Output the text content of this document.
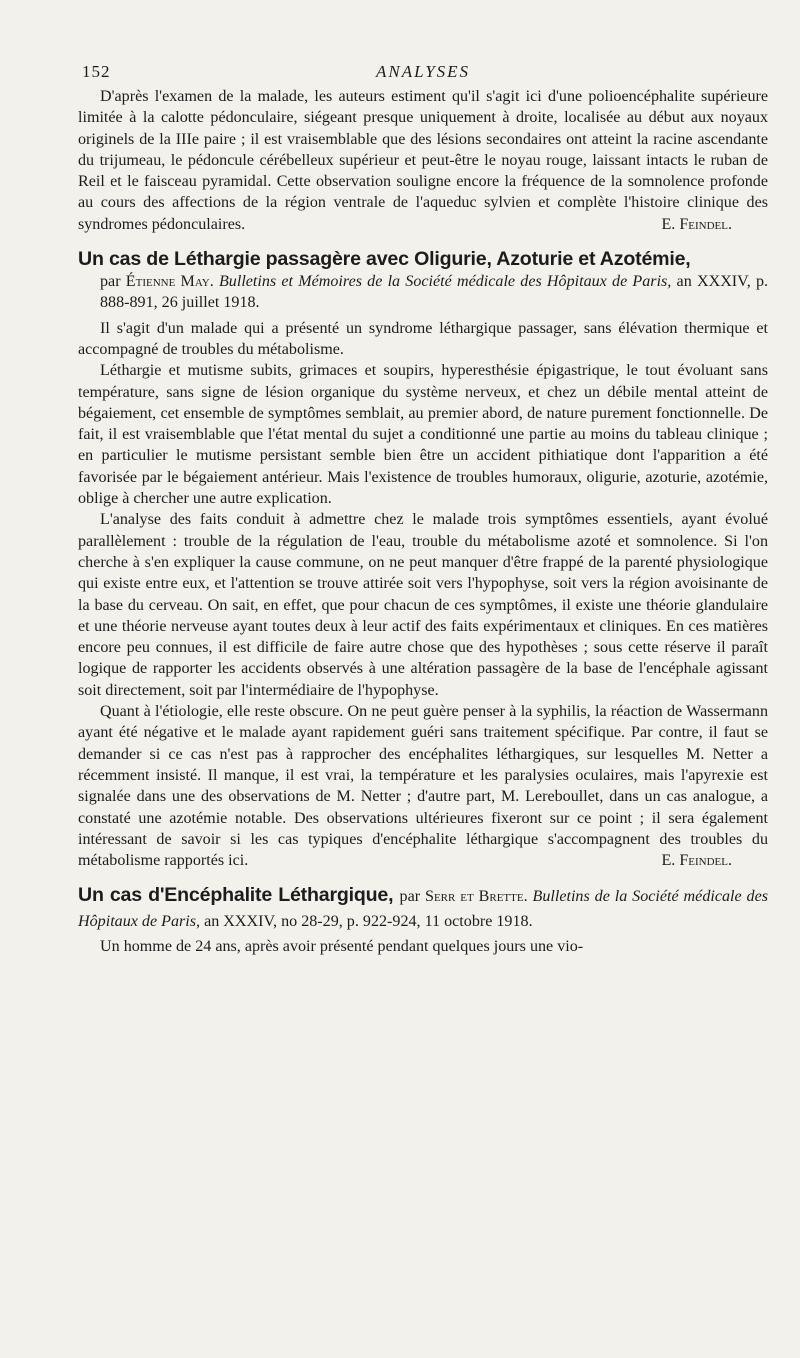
152	ANALYSES

D'après l'examen de la malade, les auteurs estiment qu'il s'agit ici d'une polioencéphalite supérieure limitée à la calotte pédonculaire, siégeant presque uniquement à droite, localisée au début aux noyaux originels de la IIIe paire ; il est vraisemblable que des lésions secondaires ont atteint la racine ascendante du trijumeau, le pédoncule cérébelleux supérieur et peut-être le noyau rouge, laissant intacts le ruban de Reil et le faisceau pyramidal. Cette observation souligne encore la fréquence de la somnolence profonde au cours des affections de la région ventrale de l'aqueduc sylvien et complète l'histoire clinique des syndromes pédonculaires.	E. Feindel.

Un cas de Léthargie passagère avec Oligurie, Azoturie et Azotémie,

par Étienne May. Bulletins et Mémoires de la Société médicale des Hôpitaux de Paris, an XXXIV, p. 888-891, 26 juillet 1918.

Il s'agit d'un malade qui a présenté un syndrome léthargique passager, sans élévation thermique et accompagné de troubles du métabolisme.

Léthargie et mutisme subits, grimaces et soupirs, hyperesthésie épigastrique, le tout évoluant sans température, sans signe de lésion organique du système nerveux, et chez un débile mental atteint de bégaiement, cet ensemble de symptômes semblait, au premier abord, de nature purement fonctionnelle. De fait, il est vraisemblable que l'état mental du sujet a conditionné une partie au moins du tableau clinique ; en particulier le mutisme persistant semble bien être un accident pithiatique dont l'apparition a été favorisée par le bégaiement antérieur. Mais l'existence de troubles humoraux, oligurie, azoturie, azotémie, oblige à chercher une autre explication.

L'analyse des faits conduit à admettre chez le malade trois symptômes essentiels, ayant évolué parallèlement : trouble de la régulation de l'eau, trouble du métabolisme azoté et somnolence. Si l'on cherche à s'en expliquer la cause commune, on ne peut manquer d'être frappé de la parenté physiologique qui existe entre eux, et l'attention se trouve attirée soit vers l'hypophyse, soit vers la région avoisinante de la base du cerveau. On sait, en effet, que pour chacun de ces symptômes, il existe une théorie glandulaire et une théorie nerveuse ayant toutes deux à leur actif des faits expérimentaux et cliniques. En ces matières encore peu connues, il est difficile de faire autre chose que des hypothèses ; sous cette réserve il paraît logique de rapporter les accidents observés à une altération passagère de la base de l'encéphale agissant soit directement, soit par l'intermédiaire de l'hypophyse.

Quant à l'étiologie, elle reste obscure. On ne peut guère penser à la syphilis, la réaction de Wassermann ayant été négative et le malade ayant rapidement guéri sans traitement spécifique. Par contre, il faut se demander si ce cas n'est pas à rapprocher des encéphalites léthargiques, sur lesquelles M. Netter a récemment insisté. Il manque, il est vrai, la température et les paralysies oculaires, mais l'apyrexie est signalée dans une des observations de M. Netter ; d'autre part, M. Lereboullet, dans un cas analogue, a constaté une azotémie notable. Des observations ultérieures fixeront sur ce point ; il sera également intéressant de savoir si les cas typiques d'encéphalite léthargique s'accompagnent des troubles du métabolisme rapportés ici.	E. Feindel.

Un cas d'Encéphalite Léthargique, par Serr et Brette. Bulletins de la Société médicale des Hôpitaux de Paris, an XXXIV, no 28-29, p. 922-924, 11 octobre 1918.

Un homme de 24 ans, après avoir présenté pendant quelques jours une vio-
